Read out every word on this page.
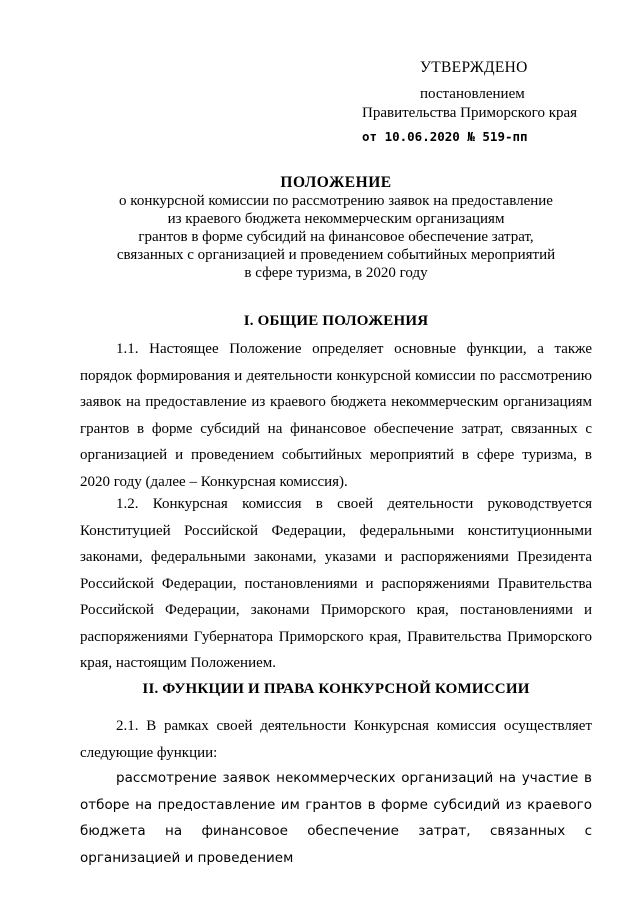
УТВЕРЖДЕНО
постановлением
Правительства Приморского края
от 10.06.2020 № 519-пп
ПОЛОЖЕНИЕ
о конкурсной комиссии по рассмотрению заявок на предоставление
из краевого бюджета некоммерческим организациям
грантов в форме субсидий на финансовое обеспечение затрат,
связанных с организацией и проведением событийных мероприятий
в сфере туризма, в 2020 году
I. ОБЩИЕ ПОЛОЖЕНИЯ
1.1. Настоящее Положение определяет основные функции, а также порядок формирования и деятельности конкурсной комиссии по рассмотрению заявок на предоставление из краевого бюджета некоммерческим организациям грантов в форме субсидий на финансовое обеспечение затрат, связанных с организацией и проведением событийных мероприятий в сфере туризма, в 2020 году (далее – Конкурсная комиссия).
1.2. Конкурсная комиссия в своей деятельности руководствуется Конституцией Российской Федерации, федеральными конституционными законами, федеральными законами, указами и распоряжениями Президента Российской Федерации, постановлениями и распоряжениями Правительства Российской Федерации, законами Приморского края, постановлениями и распоряжениями Губернатора Приморского края, Правительства Приморского края, настоящим Положением.
II. ФУНКЦИИ И ПРАВА КОНКУРСНОЙ КОМИССИИ
2.1. В рамках своей деятельности Конкурсная комиссия осуществляет следующие функции:
рассмотрение заявок некоммерческих организаций на участие в отборе на предоставление им грантов в форме субсидий из краевого бюджета на финансовое обеспечение затрат, связанных с организацией и проведением
